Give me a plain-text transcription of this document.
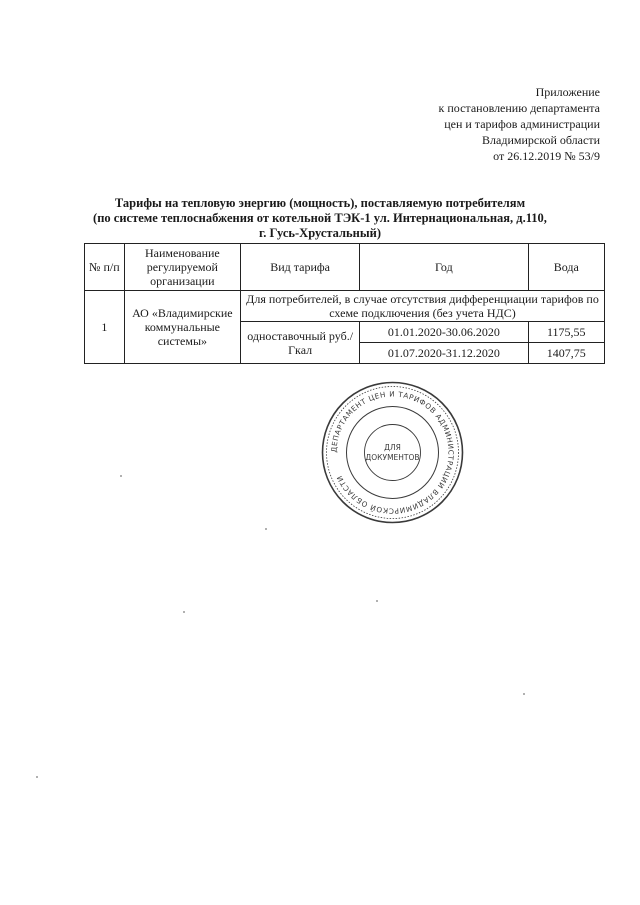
Приложение
к постановлению департамента
цен и тарифов администрации
Владимирской области
от 26.12.2019 № 53/9
Тарифы на тепловую энергию (мощность), поставляемую потребителям
(по системе теплоснабжения от котельной ТЭК-1 ул. Интернациональная, д.110,
г. Гусь-Хрустальный)
№ п/п	Наименование регулируемой организации	Вид тарифа	Год	Вода
1	АО «Владимирские коммунальные системы»	Для потребителей, в случае отсутствия дифференциации тарифов по схеме подключения (без учета НДС)		
		одноставочный руб./Гкал	01.01.2020-30.06.2020	1175,55
			01.07.2020-31.12.2020	1407,75
ДЕПАРТАМЕНТ ЦЕН И ТАРИФОВ АДМИНИСТРАЦИИ ВЛАДИМИРСКОЙ ОБЛАСТИ
ДЛЯ
ДОКУМЕНТОВ
